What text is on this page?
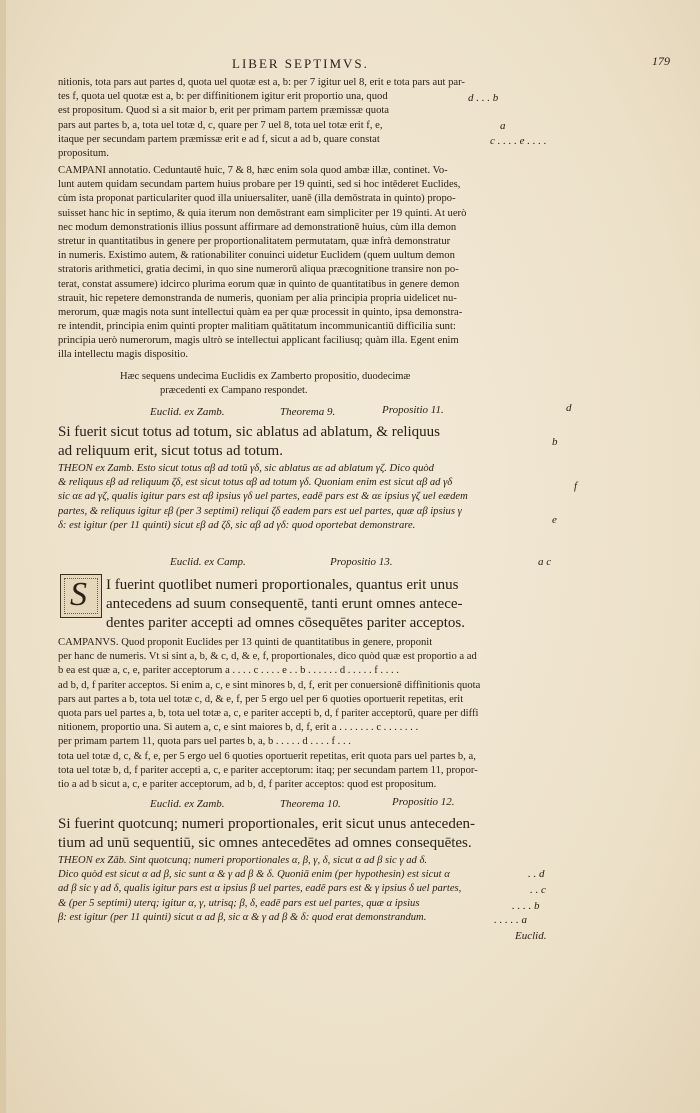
LIBER SEPTIMVS.	179
nitionis, tota pars aut partes d, quota uel quotæ est a, b: per 7 igitur uel 8, erit e tota pars aut par-
tes f, quota uel quotæ est a, b: per diffinitionem igitur erit proportio una, quod
est propositum. Quod si a sit maior b, erit per primam partem præmissæ quota
pars aut partes b, a, tota uel totæ d, c, quare per 7 uel 8, tota uel totæ erit f, e,
itaque per secundam partem præmissæ erit e ad f, sicut a ad b, quare constat
propositum.
CAMPANI annotatio. Ceduntautē huic, 7 & 8, hæc enim sola quod ambæ illæ, continet. Vo-
lunt autem quidam secundam partem huius probare per 19 quinti, sed si hoc intēderet Euclides,
cùm ista proponat particulariter quod illa uniuersaliter, uanē (illa demōstrata in quinto) propo-
suisset hanc hic in septimo, & quia iterum non demōstrant eam simpliciter per 19 quinti. At uerò
nec modum demonstrationis illius possunt affirmare ad demonstrationē huius, cùm illa demon
stretur in quantitatibus in genere per proportionalitatem permutatam, quæ infrà demonstratur
in numeris. Existimo autem, & rationabiliter conuinci uidetur Euclidem (quem uultum demon
stratoris arithmetici, gratia decimi, in quo sine numerorū aliqua præcognitione transire non po-
terat, constat assumere) idcirco plurima eorum quæ in quinto de quantitatibus in genere demon
strauit, hic repetere demonstranda de numeris, quoniam per alia principia propria uidelicet nu-
merorum, quæ magis nota sunt intellectui quàm ea per quæ processit in quinto, ipsa demonstra-
re intendit, principia enim quinti propter malitiam quātitatum incommunicantiū difficilia sunt:
principia uerò numerorum, magis ultrò se intellectui applicant faciliusq; quàm illa. Egent enim
illa intellectu magis dispositio.
Hæc sequens undecima Euclidis ex Zamberto propositio, duodecimæ
præcedenti ex Campano respondet.
Euclid. ex Zamb.	Theorema 9.	Propositio 11.
Si fuerit sicut totus ad totum, sic ablatus ad ablatum, & reliquus
ad reliquum erit, sicut totus ad totum.
THEON ex Zamb. Esto sicut totus αβ ad totū γδ, sic ablatus αε ad ablatum γζ. Dico quòd
& reliquus εβ ad reliquum ζδ, est sicut totus αβ ad totum γδ. Quoniam enim est sicut αβ ad γδ
sic αε ad γζ, qualis igitur pars est αβ ipsius γδ uel partes, eadē pars est & αε ipsius γζ uel eædem
partes, & reliquus igitur εβ (per 3 septimi) reliqui ζδ eadem pars est uel partes, quæ αβ ipsius γ
δ: est igitur (per 11 quinti) sicut εβ ad ζδ, sic αβ ad γδ: quod oportebat demonstrare.
Euclid. ex Camp.	Propositio 13.
S I fuerint quotlibet numeri proportionales, quantus erit unus
antecedens ad suum consequentē, tanti erunt omnes antece-
dentes pariter accepti ad omnes cōsequētes pariter acceptos.
CAMPANVS. Quod proponit Euclides per 13 quinti de quantitatibus in genere, proponit
per hanc de numeris. Vt si sint a, b, & c, d, & e, f, proportionales, dico quòd quæ est proportio a ad
b ea est quæ a, c, e, pariter acceptorum a . . . . c . . . . e . . b . . . . . . d . . . . . f . . . .
ad b, d, f pariter acceptos. Si enim a, c, e sint minores b, d, f, erit per conuersionē diffinitionis quota
pars aut partes a b, tota uel totæ c, d, & e, f, per 5 ergo uel per 6 quoties oportuerit repetitas, erit
quota pars uel partes a, b, tota uel totæ a, c, e pariter accepti b, d, f pariter acceptorū, quare per diffi
nitionem, proportio una. Si autem a, c, e sint maiores b, d, f, erit a . . . . . . . c . . . . . . .
per primam partem 11, quota pars uel partes b, a, b . . . . . d . . . . f . . .
tota uel totæ d, c, & f, e, per 5 ergo uel 6 quoties oportuerit repetitas, erit quota pars uel partes b, a,
tota uel totæ b, d, f pariter accepti a, c, e pariter acceptorum: itaq; per secundam partem 11, propor-
tio a ad b sicut a, c, e pariter acceptorum, ad b, d, f pariter acceptos: quod est propositum.
Euclid. ex Zamb.	Theorema 10.	Propositio 12.
Si fuerint quotcunq; numeri proportionales, erit sicut unus anteceden-
tium ad unū sequentiū, sic omnes antecedētes ad omnes consequētes.
THEON ex Zāb. Sint quotcunq; numeri proportionales α, β, γ, δ, sicut α ad β sic γ ad δ.
Dico quòd est sicut α ad β, sic sunt α & γ ad β & δ. Quoniā enim (per hypothesin) est sicut α
ad β sic γ ad δ, qualis igitur pars est α ipsius β uel partes, eadē pars est & γ ipsius δ uel partes,
& (per 5 septimi) uterq; igitur α, γ, utrisq; β, δ, eadē pars est uel partes, quæ α ipsius
β: est igitur (per 11 quinti) sicut α ad β, sic α & γ ad β & δ: quod erat demonstrandum.
d . . . b
a
c . . . . e . . . .
d
b
f
e
a c
. . d
. . c
. . . . b
. . . . . a
Euclid.
